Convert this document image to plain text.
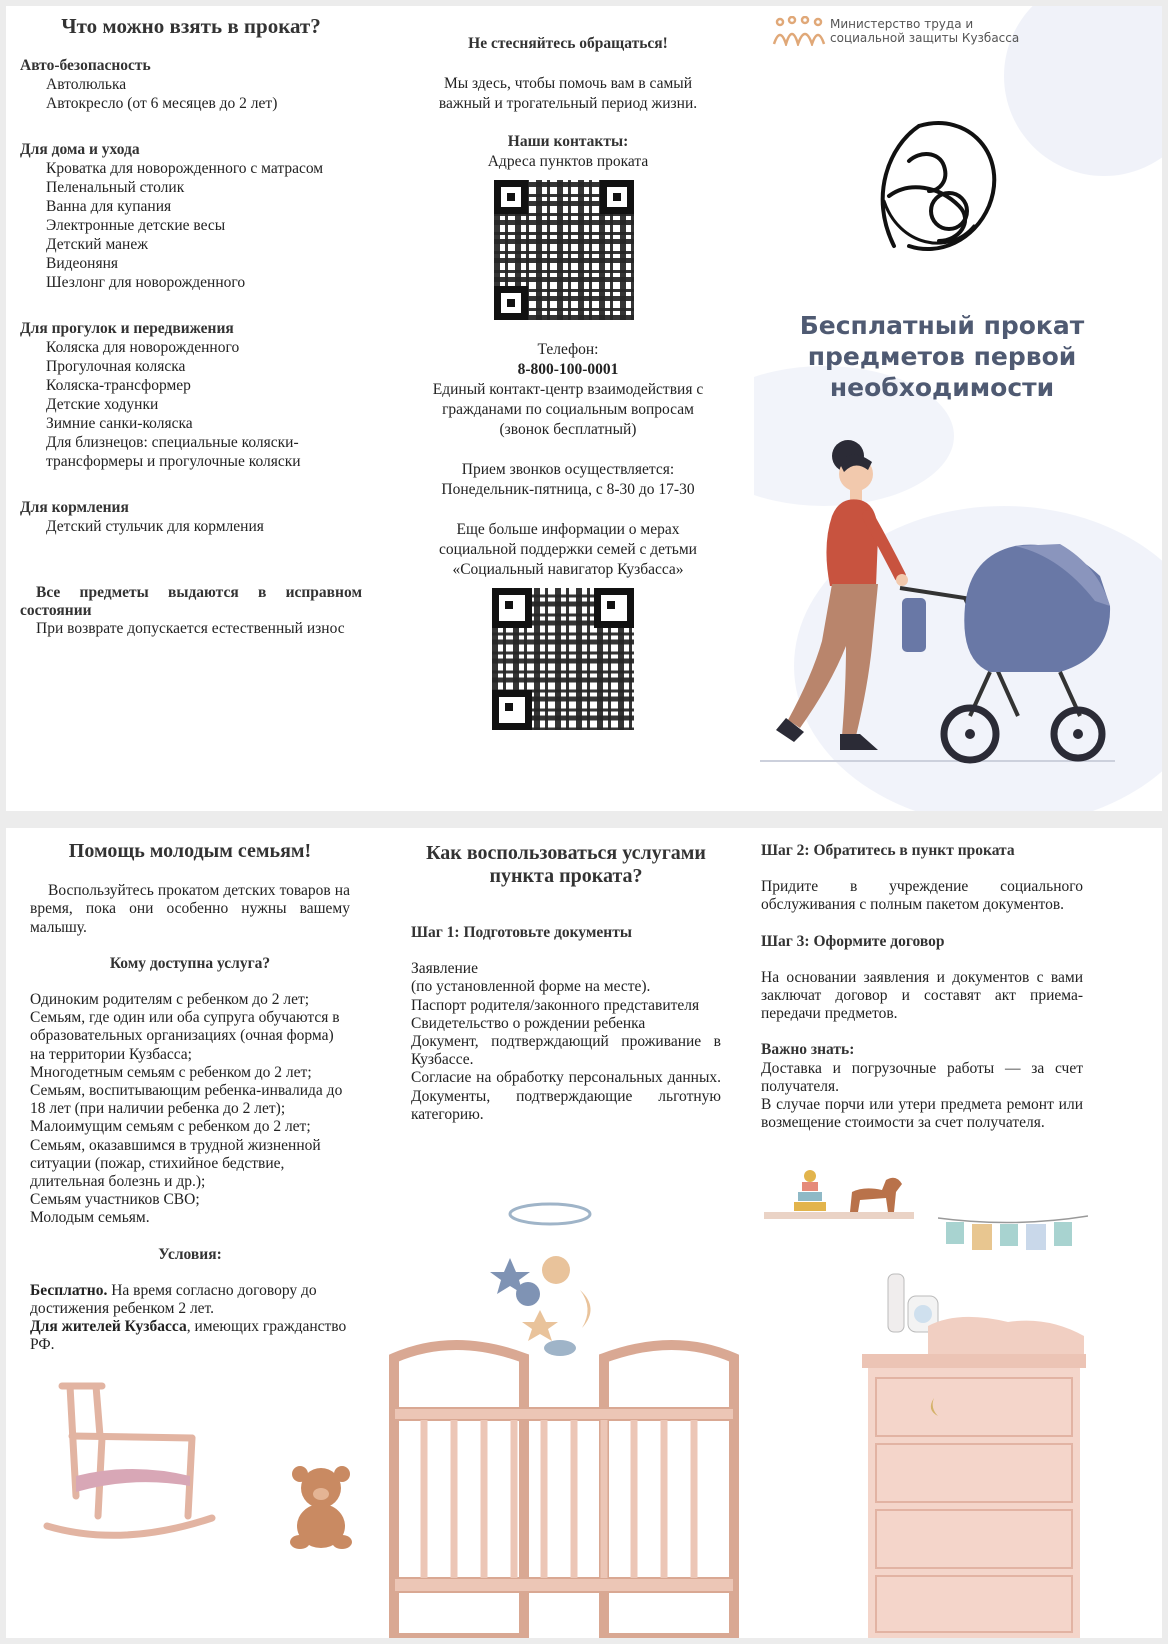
Что можно взять в прокат?

Авто-безопасность

Автолюлька
Автокресло (от 6 месяцев до 2 лет)

Для дома и ухода

Кроватка для новорожденного с матрасом
Пеленальный столик
Ванна для купания
Электронные детские весы
Детский манеж
Видеоняня
Шезлонг для новорожденного

Для прогулок и передвижения

Коляска для новорожденного
Прогулочная коляска
Коляска-трансформер
Детские ходунки
Зимние санки-коляска
Для близнецов: специальные коляски-трансформеры и прогулочные коляски

Для кормления

Детский стульчик для кормления

Все предметы выдаются в исправном состоянии

При возврате допускается естественный износ

Не стесняйтесь обращаться!

Мы здесь, чтобы помочь вам в самый важный и трогательный период жизни.

Наши контакты:

Адреса пунктов проката

Телефон:

8-800-100-0001

Единый контакт-центр взаимодействия с гражданами по социальным вопросам (звонок бесплатный)

Прием звонков осуществляется:

Понедельник-пятница, с 8-30 до 17-30

Еще больше информации о мерах социальной поддержки семей с детьми «Социальный навигатор Кузбасса»

Министерство труда и
социальной защиты Кузбасса
Бесплатный прокат
предметов первой
необходимости
Помощь молодым семьям!

Воспользуйтесь прокатом детских товаров на время, пока они особенно нужны вашему малышу.

Кому доступна услуга?

Одиноким родителям с ребенком до 2 лет;

Семьям, где один или оба супруга обучаются в образовательных организациях (очная форма) на территории Кузбасса;

Многодетным семьям с ребенком до 2 лет;

Семьям, воспитывающим ребенка-инвалида до 18 лет (при наличии ребенка до 2 лет);

Малоимущим семьям с ребенком до 2 лет;

Семьям, оказавшимся в трудной жизненной ситуации (пожар, стихийное бедствие, длительная болезнь и др.);

Семьям участников СВО;

Молодым семьям.

Условия:

Бесплатно. На время согласно договору до достижения ребенком 2 лет.

Для жителей Кузбасса, имеющих гражданство РФ.

Как воспользоваться услугами пункта проката?

Шаг 1: Подготовьте документы

Заявление

(по установленной форме на месте).

Паспорт родителя/законного представителя

Свидетельство о рождении ребенка

Документ, подтверждающий проживание в Кузбассе.

Согласие на обработку персональных данных. Документы, подтверждающие льготную категорию.

Шаг 2: Обратитесь в пункт проката

Придите в учреждение социального обслуживания с полным пакетом документов.

Шаг 3: Оформите договор

На основании заявления и документов с вами заключат договор и составят акт приема-передачи предметов.

Важно знать:

Доставка и погрузочные работы — за счет получателя.

В случае порчи или утери предмета ремонт или возмещение стоимости за счет получателя.
